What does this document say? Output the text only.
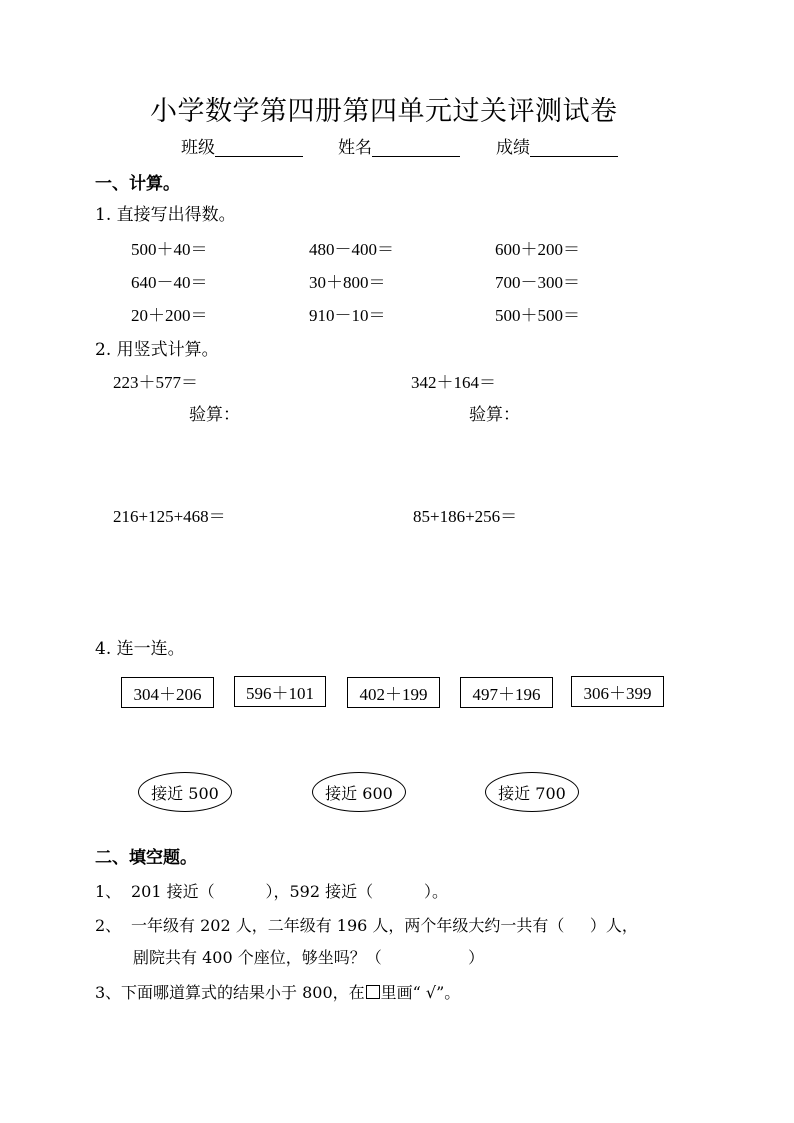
小学数学第四册第四单元过关评测试卷
班级	姓名	成绩
一、计算。
1. 直接写出得数。
500＋40＝	480－400＝	600＋200＝
640－40＝	30＋800＝	700－300＝
20＋200＝	910－10＝	500＋500＝
2. 用竖式计算。
223＋577＝	342＋164＝
验算：	验算：
216+125+468＝	85+186+256＝
4. 连一连。
304＋206	596＋101	402＋199	497＋196	306＋399
接近 500	接近 600	接近 700
二、填空题。
1、 201 接近（          ），592 接近（          ）。
2、 一年级有 202 人，二年级有 196 人，两个年级大约一共有（     ）人，
剧院共有 400 个座位，够坐吗？（                 ）
3、 下面哪道算式的结果小于 800，在 里画“ √”。
